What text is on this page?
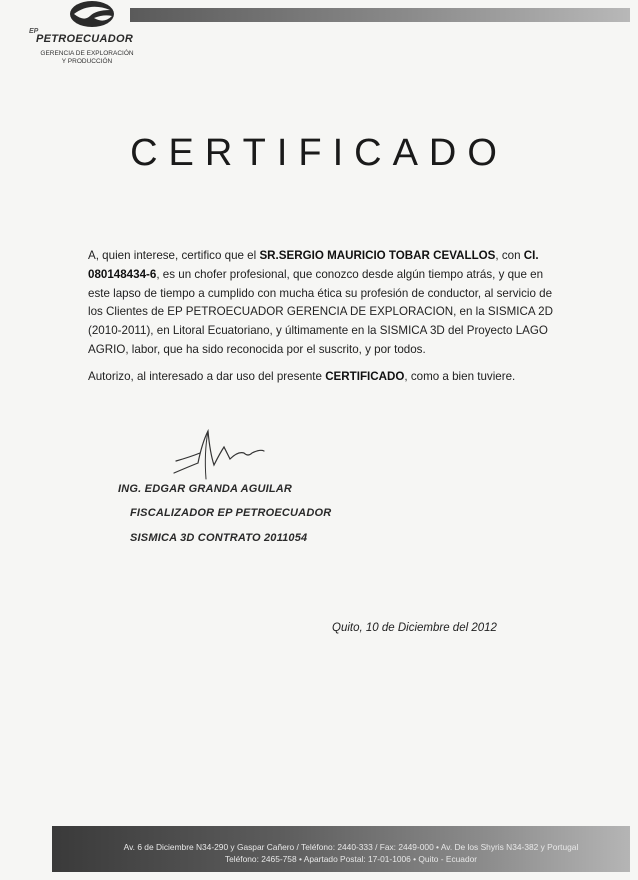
EP
PETROECUADOR
GERENCIA DE EXPLORACIÓN
Y PRODUCCIÓN
CERTIFICADO
A, quien interese, certifico que el SR.SERGIO MAURICIO TOBAR CEVALLOS, con CI. 080148434-6, es un chofer profesional, que conozco desde algún tiempo atrás, y que en este lapso de tiempo a cumplido con mucha ética su profesión de conductor, al servicio de los Clientes de EP PETROECUADOR GERENCIA DE EXPLORACION, en la SISMICA 2D (2010-2011), en Litoral Ecuatoriano, y últimamente en la SISMICA 3D del Proyecto LAGO AGRIO, labor, que ha sido reconocida por el suscrito, y por todos.
Autorizo, al interesado a dar uso del presente CERTIFICADO, como a bien tuviere.
ING. EDGAR GRANDA AGUILAR
FISCALIZADOR EP PETROECUADOR
SISMICA 3D CONTRATO 2011054
Quito, 10 de Diciembre del 2012
Av. 6 de Diciembre N34-290 y Gaspar Cañero / Teléfono: 2440-333 / Fax: 2449-000 • Av. De los Shyris N34-382 y Portugal
Teléfono: 2465-758 • Apartado Postal: 17-01-1006 • Quito - Ecuador
